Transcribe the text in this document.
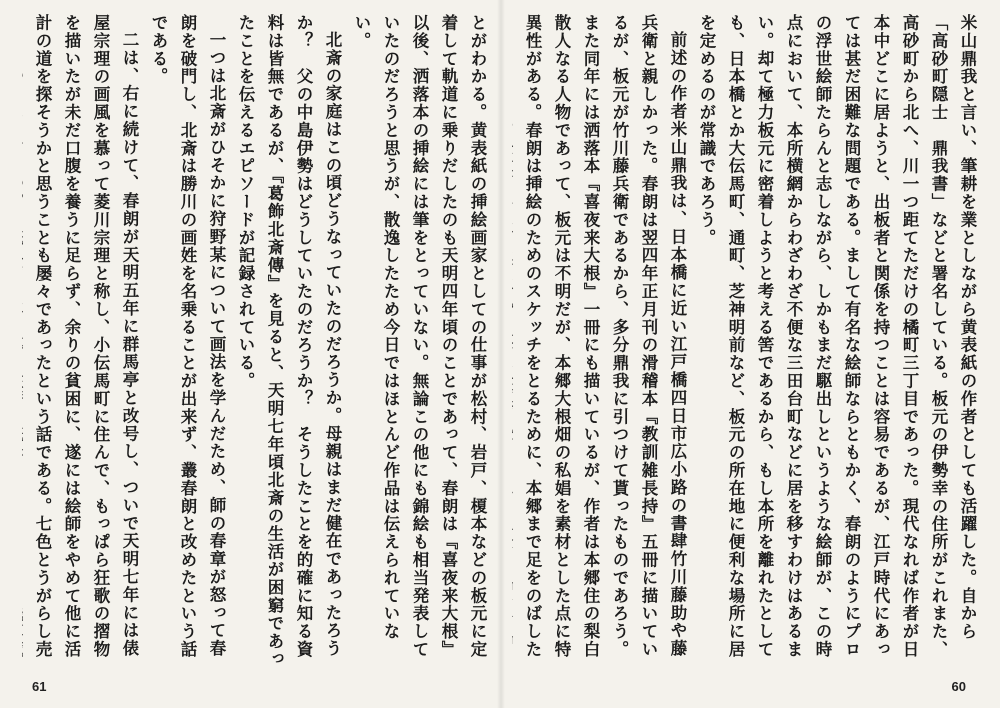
とがわかる。黄表紙の挿絵画家としての仕事が松村、岩戸、榎本などの板元に定着して軌道に乗りだしたのも天明四年頃のことであって、春朗は『喜夜来大根』以後、洒落本の挿絵には筆をとっていない。無論この他にも錦絵も相当発表していたのだろうと思うが、散逸したため今日ではほとんど作品は伝えられていない。

北斎の家庭はこの頃どうなっていたのだろうか。母親はまだ健在であったろうか？　父の中島伊勢はどうしていたのだろうか？　そうしたことを的確に知る資料は皆無であるが、『葛飾北斎傳』を見ると、天明七年頃北斎の生活が困窮であったことを伝えるエピソードが記録されている。

一つは北斎がひそかに狩野某について画法を学んだため、師の春章が怒って春朗を破門し、北斎は勝川の画姓を名乗ることが出来ず、叢春朗と改めたという話である。

二は、右に続けて、春朗が天明五年に群馬亭と改号し、ついで天明七年には俵屋宗理の画風を慕って菱川宗理と称し、小伝馬町に住んで、もっぱら狂歌の摺物を描いたが未だ口腹を養うに足らず、余りの貧困に、遂には絵師をやめて他に活計の道を探そうかと思うことも屡々であったという話である。七色とうがらし売

米山鼎我と言い、筆耕を業としながら黄表紙の作者としても活躍した。自から「高砂町隠士　鼎我書」などと署名している。板元の伊勢幸の住所がこれまた、高砂町から北へ、川一つ距てただけの橘町三丁目であった。現代なれば作者が日本中どこに居ようと、出板者と関係を持つことは容易であるが、江戸時代にあっては甚だ困難な問題である。まして有名な絵師ならともかく、春朗のようにプロの浮世絵師たらんと志しながら、しかもまだ駆出しというような絵師が、この時点において、本所横網からわざわざ不便な三田台町などに居を移すわけはあるまい。却て極力板元に密着しようと考える筈であるから、もし本所を離れたとしても、日本橋とか大伝馬町、通町、芝神明前など、板元の所在地に便利な場所に居を定めるのが常識であろう。

前述の作者米山鼎我は、日本橋に近い江戸橋四日市広小路の書肆竹川藤助や藤兵衛と親しかった。春朗は翌四年正月刊の滑稽本『教訓雑長持』五冊に描いているが、板元が竹川藤兵衛であるから、多分鼎我に引つけて貰ったものであろう。また同年には洒落本『喜夜来大根』一冊にも描いているが、作者は本郷住の梨白散人なる人物であって、板元は不明だが、本郷大根畑の私娼を素材とした点に特異性がある。春朗は挿絵のためのスケッチをとるために、本郷まで足をのばした

61	60
